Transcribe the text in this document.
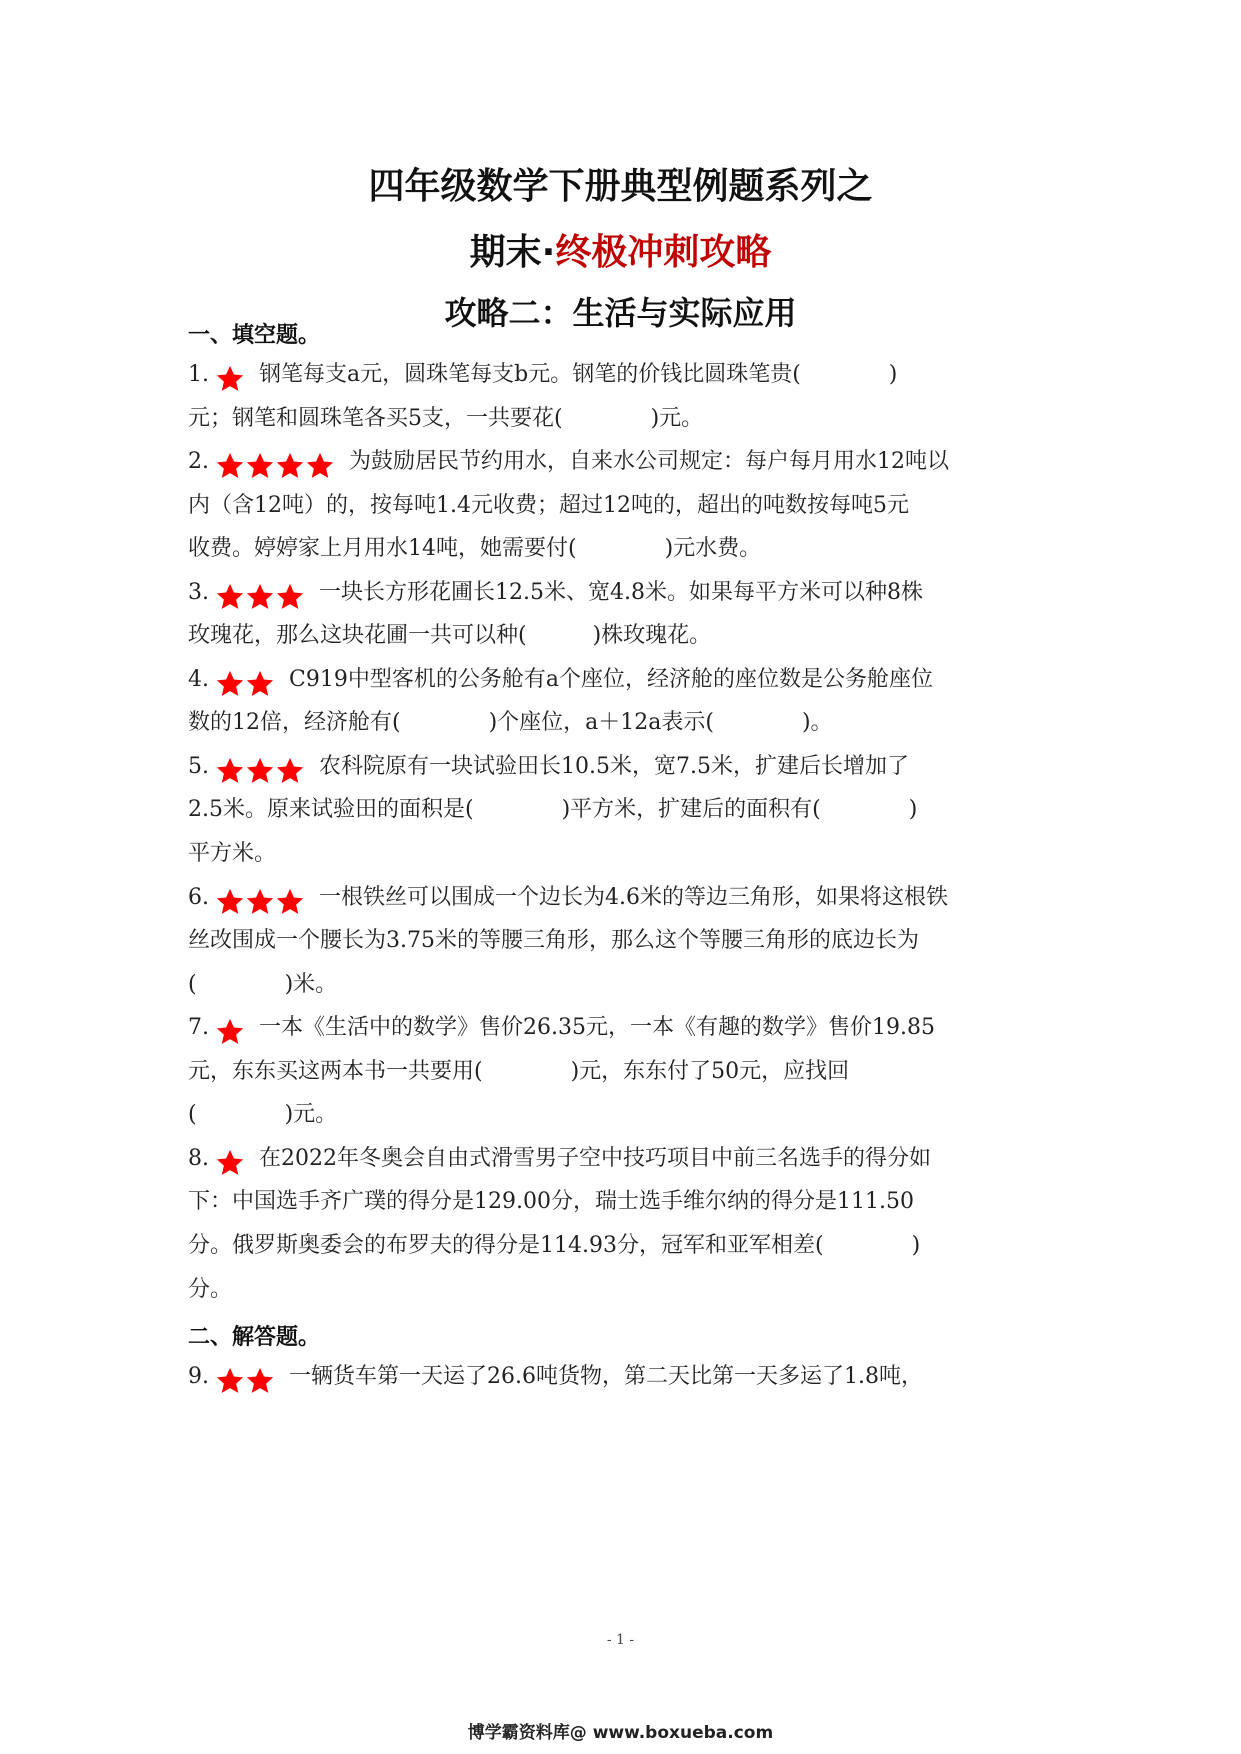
四年级数学下册典型例题系列之
期末·终极冲刺攻略
攻略二：生活与实际应用
一、填空题。
1. 钢笔每支a元，圆珠笔每支b元。钢笔的价钱比圆珠笔贵(　　　　)
元；钢笔和圆珠笔各买5支，一共要花(　　　　)元。
2.	为鼓励居民节约用水，自来水公司规定：每户每月用水12吨以
内（含12吨）的，按每吨1.4元收费；超过12吨的，超出的吨数按每吨5元
收费。婷婷家上月用水14吨，她需要付(　　　　)元水费。
3.	一块长方形花圃长12.5米、宽4.8米。如果每平方米可以种8株
玫瑰花，那么这块花圃一共可以种(　　　)株玫瑰花。
4.	C919中型客机的公务舱有a个座位，经济舱的座位数是公务舱座位
数的12倍，经济舱有(　　　　)个座位，a＋12a表示(　　　　)。
5.	农科院原有一块试验田长10.5米，宽7.5米，扩建后长增加了
2.5米。原来试验田的面积是(　　　　)平方米，扩建后的面积有(　　　　)
平方米。
6.	一根铁丝可以围成一个边长为4.6米的等边三角形，如果将这根铁
丝改围成一个腰长为3.75米的等腰三角形，那么这个等腰三角形的底边长为
(　　　　)米。
7. 一本《生活中的数学》售价26.35元，一本《有趣的数学》售价19.85
元，东东买这两本书一共要用(　　　　)元，东东付了50元，应找回
(　　　　)元。
8. 在2022年冬奥会自由式滑雪男子空中技巧项目中前三名选手的得分如
下：中国选手齐广璞的得分是129.00分，瑞士选手维尔纳的得分是111.50
分。俄罗斯奥委会的布罗夫的得分是114.93分，冠军和亚军相差(　　　　)
分。
二、解答题。
9.	一辆货车第一天运了26.6吨货物，第二天比第一天多运了1.8吨，
- 1 -
博学霸资料库@ www.boxueba.com
